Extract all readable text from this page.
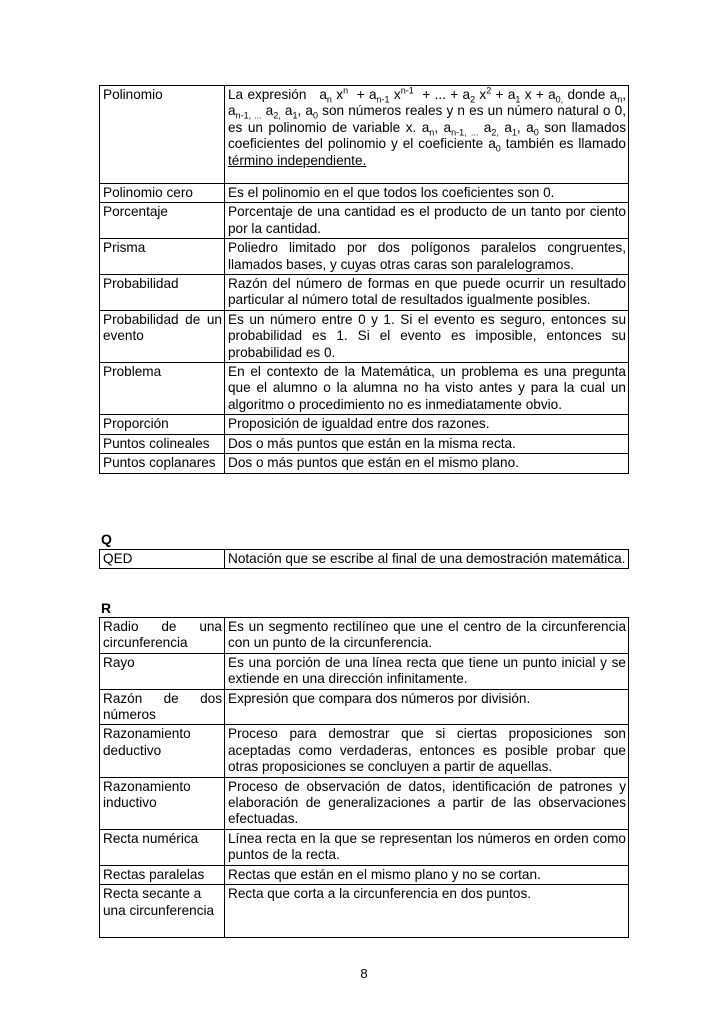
Polinomio	La expresión   $a_n$ $x^n + a_{n-1}$ $x^{n-1}$  + ... + $a_2$ $x^2 + a_1$ $x + a_{0,}$ donde $a_n$, $a_{n-1, ...}$ $a_{2,}$ $a_1$, $a_0$ son números reales y n es un número natural o 0, es un polinomio de variable x. $a_n$, $a_{n-1, ...}$ $a_{2,}$ $a_1$, $a_0$ son llamados coeficientes del polinomio y el coeficiente $a_0$ también es llamado término independiente.
Polinomio cero	Es el polinomio en el que todos los coeficientes son 0.
Porcentaje	Porcentaje de una cantidad es el producto de un tanto por ciento por la cantidad.
Prisma	Poliedro limitado por dos polígonos paralelos congruentes, llamados bases, y cuyas otras caras son paralelogramos.
Probabilidad	Razón del número de formas en que puede ocurrir un resultado particular al número total de resultados igualmente posibles.
Probabilidad de un evento	Es un número entre 0 y 1. Si el evento es seguro, entonces su probabilidad es 1. Si el evento es imposible, entonces su probabilidad es 0.
Problema	En el contexto de la Matemática, un problema es una pregunta que el alumno o la alumna no ha visto antes y para la cual un algoritmo o procedimiento no es inmediatamente obvio.
Proporción	Proposición de igualdad entre dos razones.
Puntos colineales	Dos o más puntos que están en la misma recta.
Puntos coplanares	Dos o más puntos que están en el mismo plano.
Q
QED	Notación que se escribe al final de una demostración matemática.
R
Radio de una circunferencia	Es un segmento rectilíneo que une el centro de la circunferencia con un punto de la circunferencia.
Rayo	Es una porción de una línea recta que tiene un punto inicial y se extiende en una dirección infinitamente.
Razón de dos números	Expresión que compara dos números por división.
Razonamiento deductivo	Proceso para demostrar que si ciertas proposiciones son aceptadas como verdaderas, entonces es posible probar que otras proposiciones se concluyen a partir de aquellas.
Razonamiento inductivo	Proceso de observación de datos, identificación de patrones y elaboración de generalizaciones a partir de las observaciones efectuadas.
Recta numérica	Línea recta en la que se representan los números en orden como puntos de la recta.
Rectas paralelas	Rectas que están en el mismo plano y no se cortan.
Recta secante a una circunferencia	Recta que corta a la circunferencia en dos puntos.
8
